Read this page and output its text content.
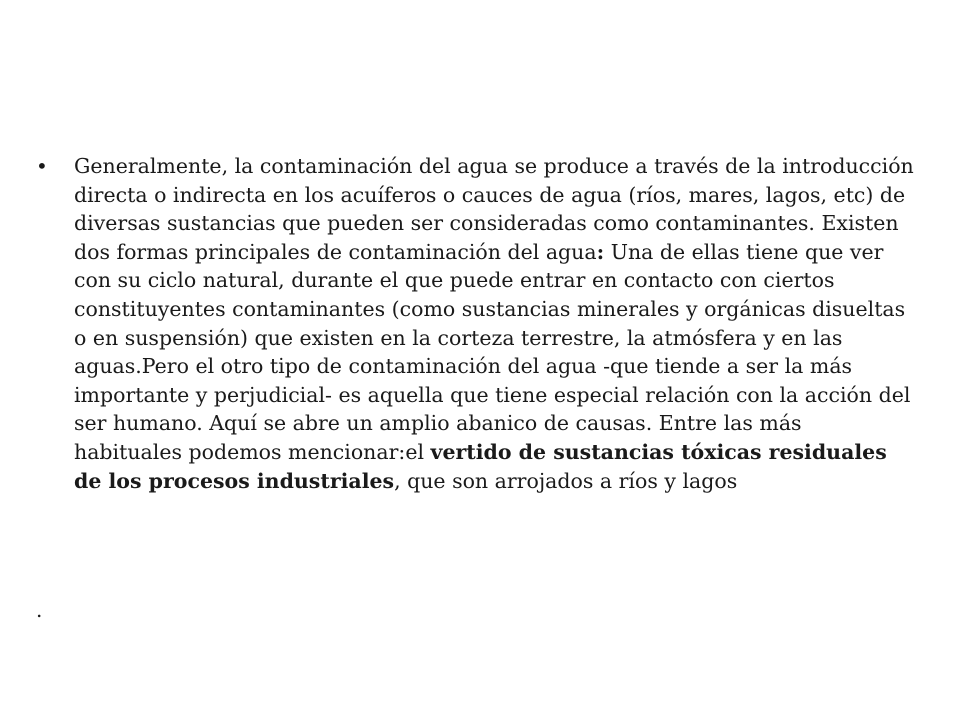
• Generalmente, la contaminación del agua se produce a través de la introducción directa o indirecta en los acuíferos o cauces de agua (ríos, mares, lagos, etc) de diversas sustancias que pueden ser consideradas como contaminantes. Existen dos formas principales de contaminación del agua: Una de ellas tiene que ver con su ciclo natural, durante el que puede entrar en contacto con ciertos constituyentes contaminantes (como sustancias minerales y orgánicas disueltas o en suspensión) que existen en la corteza terrestre, la atmósfera y en las aguas.Pero el otro tipo de contaminación del agua -que tiende a ser la más importante y perjudicial- es aquella que tiene especial relación con la acción del ser humano. Aquí se abre un amplio abanico de causas. Entre las más habituales podemos mencionar:el vertido de sustancias tóxicas residuales de los procesos industriales, que son arrojados a ríos y lagos
.
